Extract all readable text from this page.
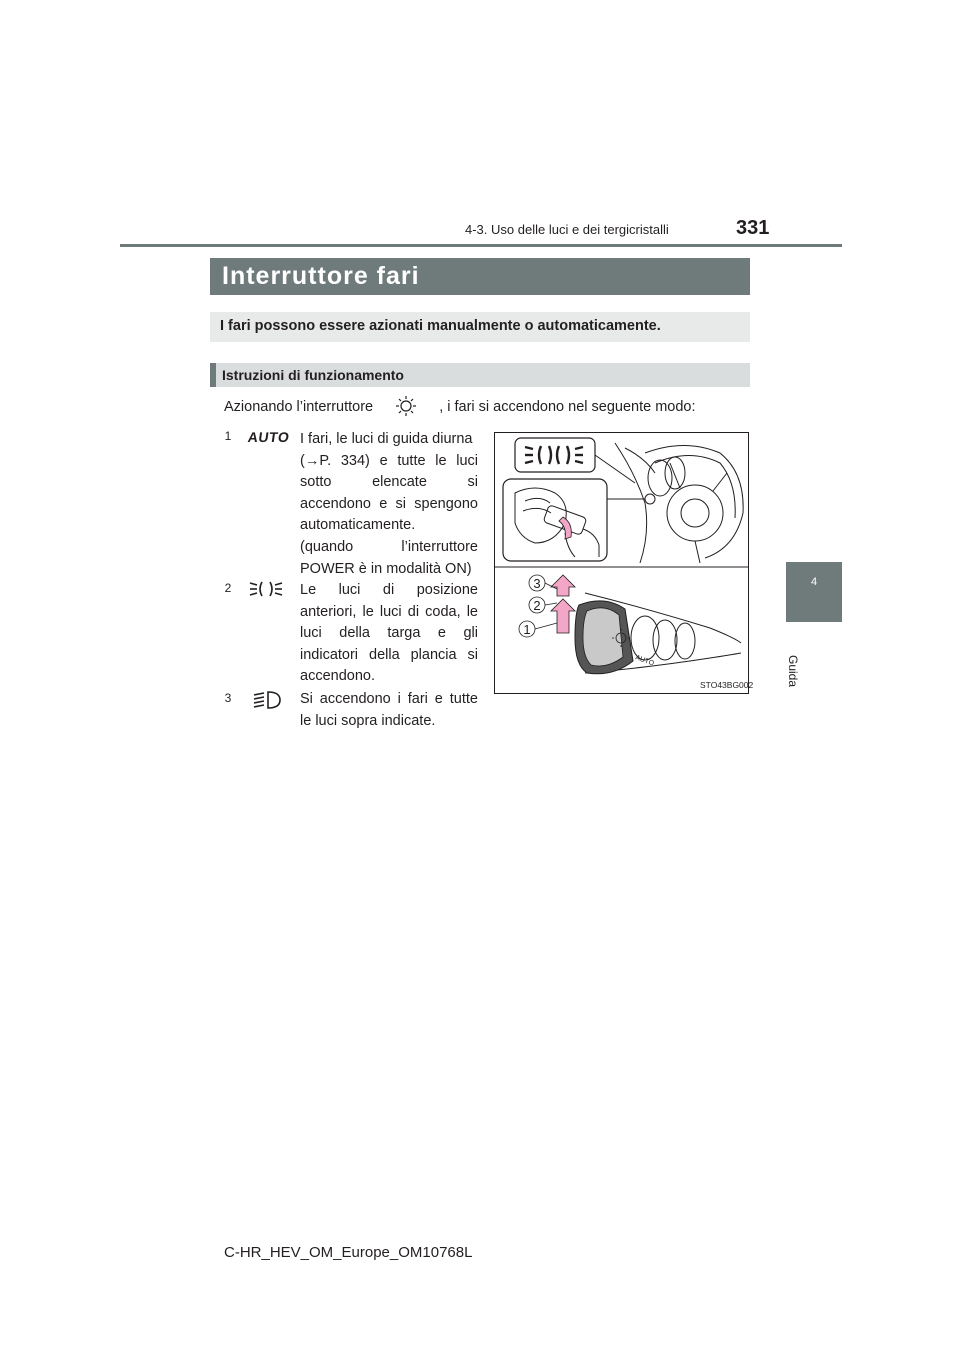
4-3. Uso delle luci e dei tergicristalli	331
4
Guida
Interruttore fari
I fari possono essere azionati manualmente o automaticamente.
Istruzioni di funzionamento
Azionando l’interruttore	, i fari si accendono nel seguente modo:
1 AUTO I fari, le luci di guida diurna
(→P. 334) e tutte le luci
sotto elencate si
accendono e si spengono
automaticamente.
(quando l’interruttore
POWER è in modalità ON)
2	Le luci di posizione
anteriori, le luci di coda, le
luci della targa e gli
indicatori della plancia si
accendono.
3	Si accendono i fari e tutte
le luci sopra indicate.
AUTO
3
2
1
STO43BG002
C-HR_HEV_OM_Europe_OM10768L
